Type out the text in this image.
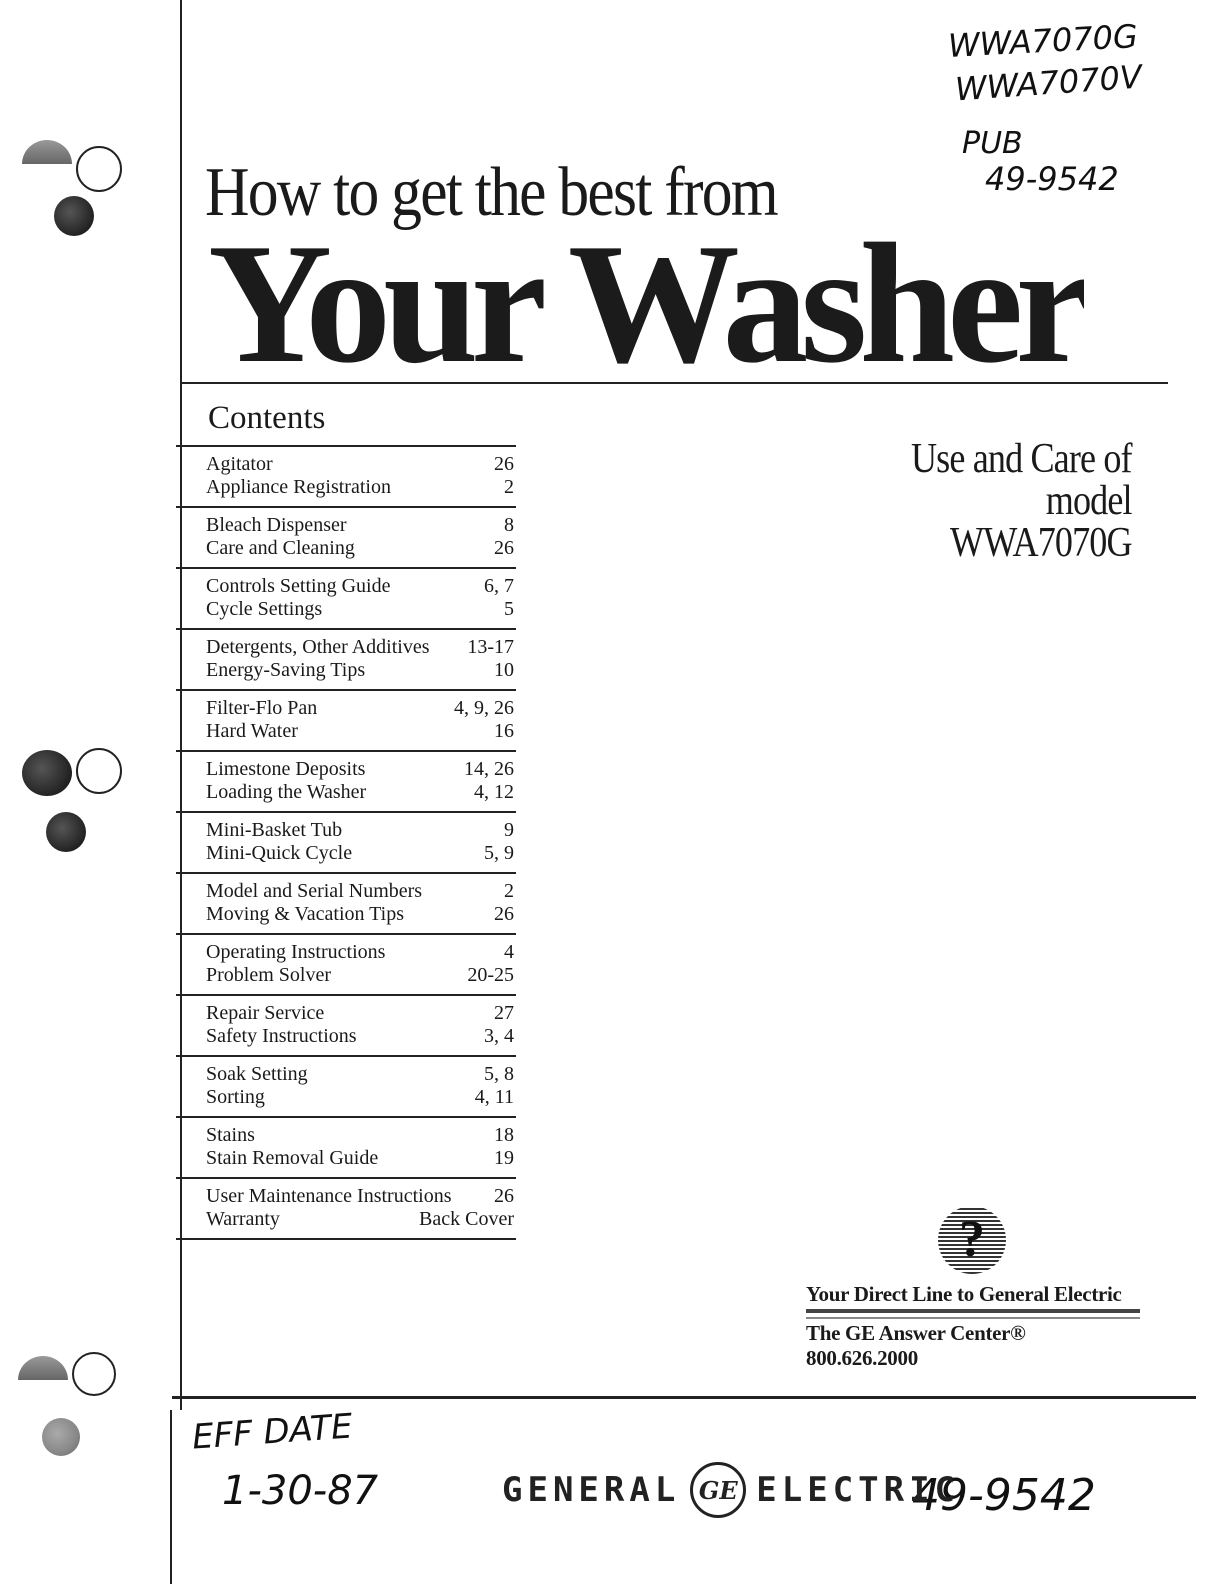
How to get the best from
Your Washer
WWA7070G
WWA7070V
PUB
49-9542
Contents
Agitator	26
Appliance Registration	2
Bleach Dispenser	8
Care and Cleaning	26
Controls Setting Guide	6, 7
Cycle Settings	5
Detergents, Other Additives 13-17
Energy-Saving Tips	10
Filter-Flo Pan	4, 9, 26
Hard Water	16
Limestone Deposits	14, 26
Loading the Washer	4, 12
Mini-Basket Tub	9
Mini-Quick Cycle	5, 9
Model and Serial Numbers	2
Moving & Vacation Tips	26
Operating Instructions	4
Problem Solver	20-25
Repair Service	27
Safety Instructions	3, 4
Soak Setting	5, 8
Sorting	4, 11
Stains	18
Stain Removal Guide	19
User Maintenance Instructions 26
Warranty	Back Cover
Use and Care of
model
WWA7070G
?
Your Direct Line to General Electric
The GE Answer Center® 800.626.2000
EFF DATE
1-30-87	49-9542
GENERAL GE ELECTRIC
